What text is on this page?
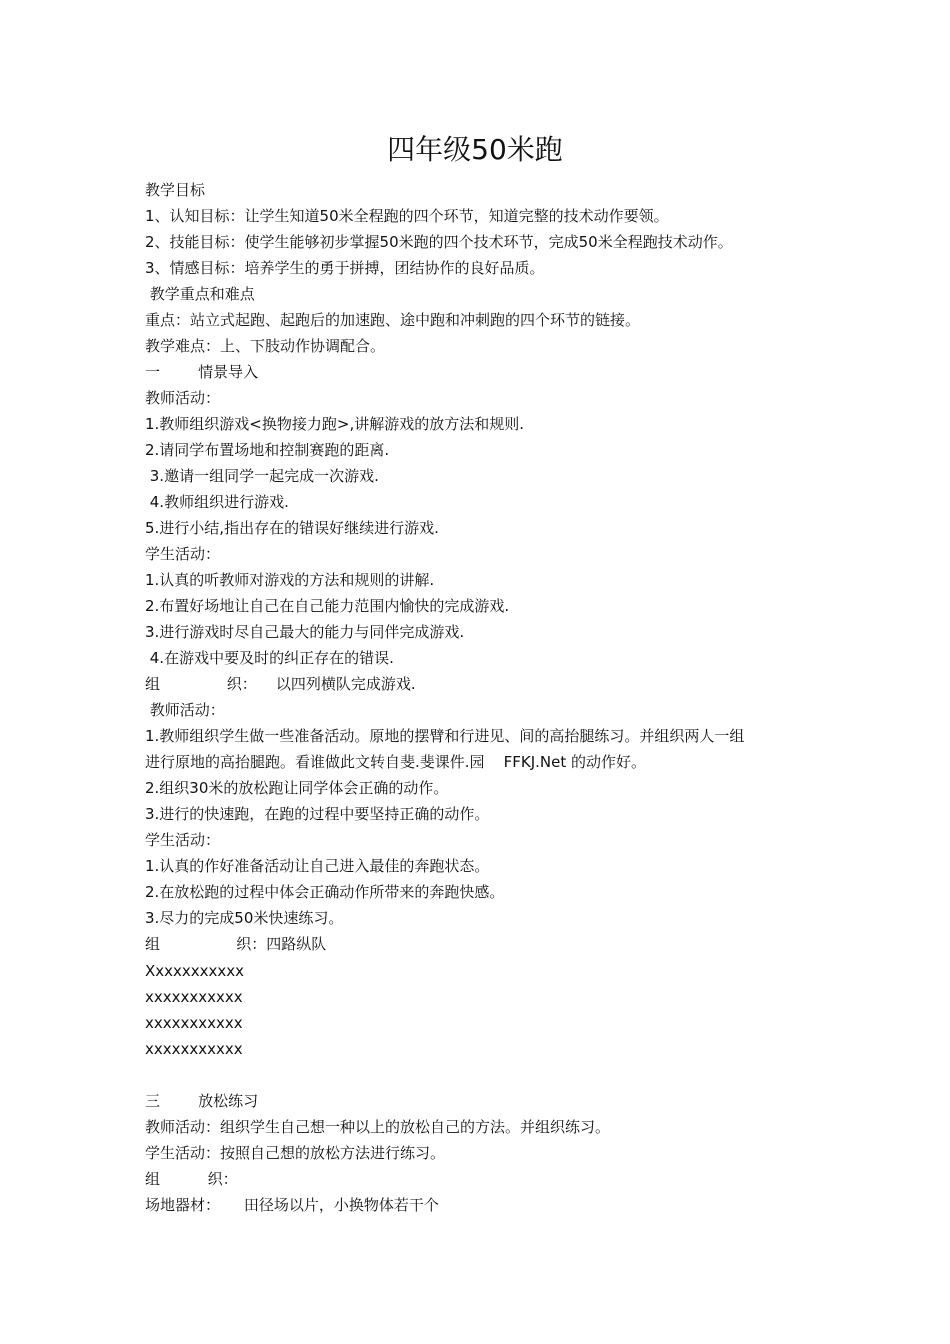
四年级50米跑
教学目标
1、认知目标：让学生知道50米全程跑的四个环节，知道完整的技术动作要领。
2、技能目标：使学生能够初步掌握50米跑的四个技术环节，完成50米全程跑技术动作。
3、情感目标：培养学生的勇于拼搏，团结协作的良好品质。
教学重点和难点
重点：站立式起跑、起跑后的加速跑、途中跑和冲刺跑的四个环节的链接。
教学难点：上、下肢动作协调配合。
一        情景导入
教师活动：
1.教师组织游戏<换物接力跑>,讲解游戏的放方法和规则.
2.请同学布置场地和控制赛跑的距离.
3.邀请一组同学一起完成一次游戏.
4.教师组织进行游戏.
5.进行小结,指出存在的错误好继续进行游戏.
学生活动：
1.认真的听教师对游戏的方法和规则的讲解.
2.布置好场地让自己在自己能力范围内愉快的完成游戏.
3.进行游戏时尽自己最大的能力与同伴完成游戏.
4.在游戏中要及时的纠正存在的错误.
组              织：    以四列横队完成游戏.
教师活动：
1.教师组织学生做一些准备活动。原地的摆臂和行进见、间的高抬腿练习。并组织两人一组
进行原地的高抬腿跑。看谁做此文转自斐.斐课件.园    FFKJ.Net 的动作好。
2.组织30米的放松跑让同学体会正确的动作。
3.进行的快速跑，在跑的过程中要坚持正确的动作。
学生活动：
1.认真的作好准备活动让自己进入最佳的奔跑状态。
2.在放松跑的过程中体会正确动作所带来的奔跑快感。
3.尽力的完成50米快速练习。
组                织：四路纵队
Xxxxxxxxxxx
xxxxxxxxxxx
xxxxxxxxxxx
xxxxxxxxxxx
三        放松练习
教师活动：组织学生自己想一种以上的放松自己的方法。并组织练习。
学生活动：按照自己想的放松方法进行练习。
组          织：
场地器材：     田径场以片，小换物体若干个
